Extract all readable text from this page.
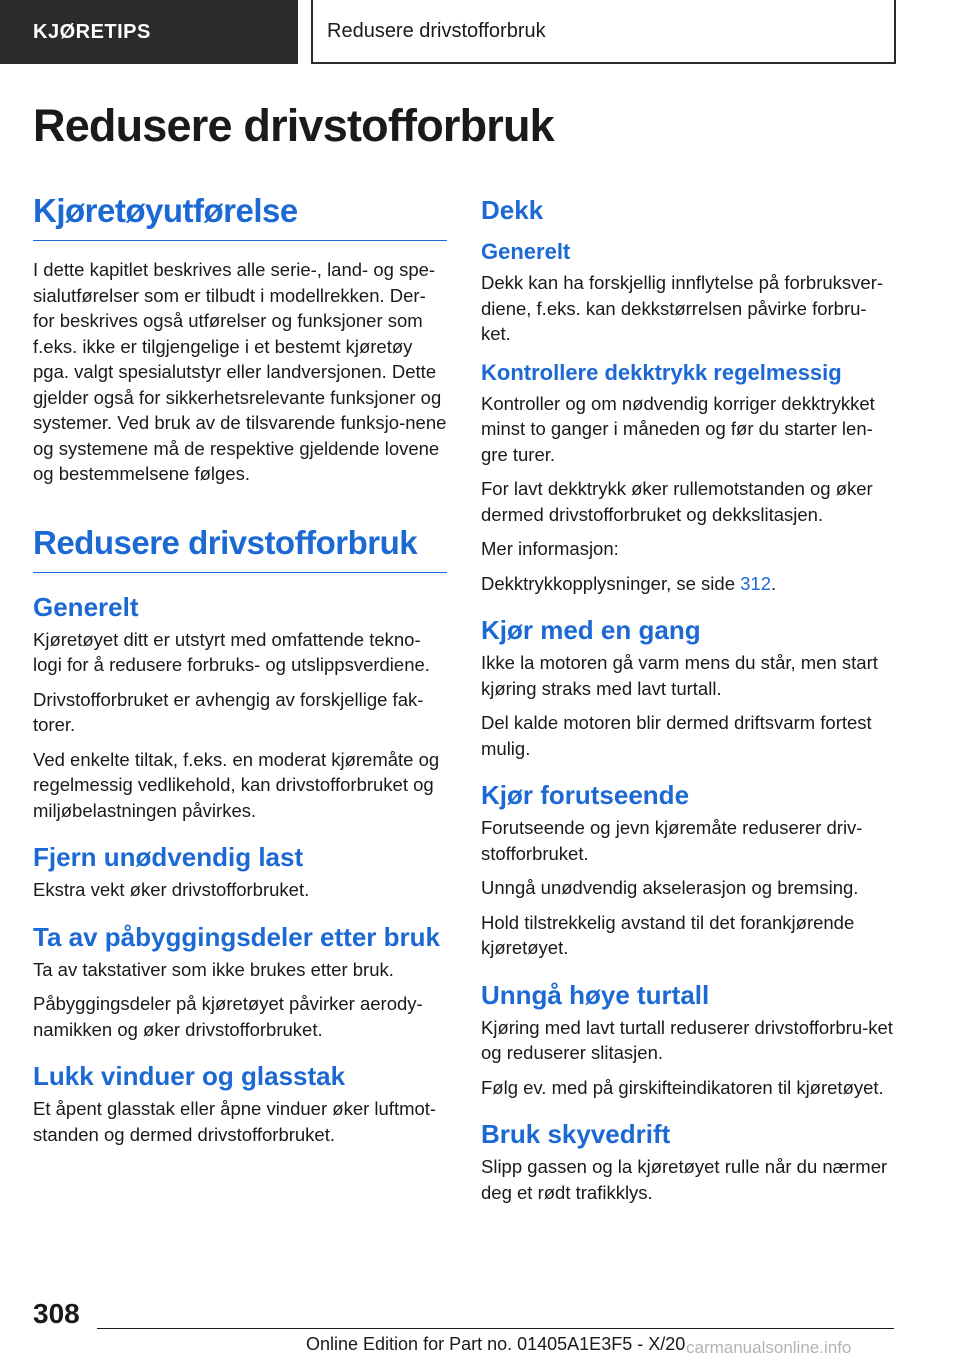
KJØRETIPS	Redusere drivstofforbruk
Redusere drivstofforbruk
Kjøretøyutførelse

I dette kapitlet beskrives alle serie-, land- og spe-sialutførelser som er tilbudt i modellrekken. Der-for beskrives også utførelser og funksjoner som f.eks. ikke er tilgjengelige i et bestemt kjøretøy pga. valgt spesialutstyr eller landversjonen. Dette gjelder også for sikkerhetsrelevante funksjoner og systemer. Ved bruk av de tilsvarende funksjo-nene og systemene må de respektive gjeldende lovene og bestemmelsene følges.

Redusere drivstofforbruk
Generelt

Kjøretøyet ditt er utstyrt med omfattende tekno-logi for å redusere forbruks- og utslippsverdiene.

Drivstofforbruket er avhengig av forskjellige fak-torer.

Ved enkelte tiltak, f.eks. en moderat kjøremåte og regelmessig vedlikehold, kan drivstofforbruket og miljøbelastningen påvirkes.

Fjern unødvendig last

Ekstra vekt øker drivstofforbruket.

Ta av påbyggingsdeler etter bruk

Ta av takstativer som ikke brukes etter bruk.

Påbyggingsdeler på kjøretøyet påvirker aerody-namikken og øker drivstofforbruket.

Lukk vinduer og glasstak

Et åpent glasstak eller åpne vinduer øker luftmot-standen og dermed drivstofforbruket.

Dekk
Generelt

Dekk kan ha forskjellig innflytelse på forbruksver-diene, f.eks. kan dekkstørrelsen påvirke forbru-ket.

Kontrollere dekktrykk regelmessig

Kontroller og om nødvendig korriger dekktrykket minst to ganger i måneden og før du starter len-gre turer.

For lavt dekktrykk øker rullemotstanden og øker dermed drivstofforbruket og dekkslitasjen.

Mer informasjon:

Dekktrykkopplysninger, se side 312.

Kjør med en gang

Ikke la motoren gå varm mens du står, men start kjøring straks med lavt turtall.

Del kalde motoren blir dermed driftsvarm fortest mulig.

Kjør forutseende

Forutseende og jevn kjøremåte reduserer driv-stofforbruket.

Unngå unødvendig akselerasjon og bremsing.

Hold tilstrekkelig avstand til det forankjørende kjøretøyet.

Unngå høye turtall

Kjøring med lavt turtall reduserer drivstofforbru-ket og reduserer slitasjen.

Følg ev. med på girskifteindikatoren til kjøretøyet.

Bruk skyvedrift

Slipp gassen og la kjøretøyet rulle når du nærmer deg et rødt trafikklys.

308
Online Edition for Part no. 01405A1E3F5 - X/20 carmanualsonline.info
